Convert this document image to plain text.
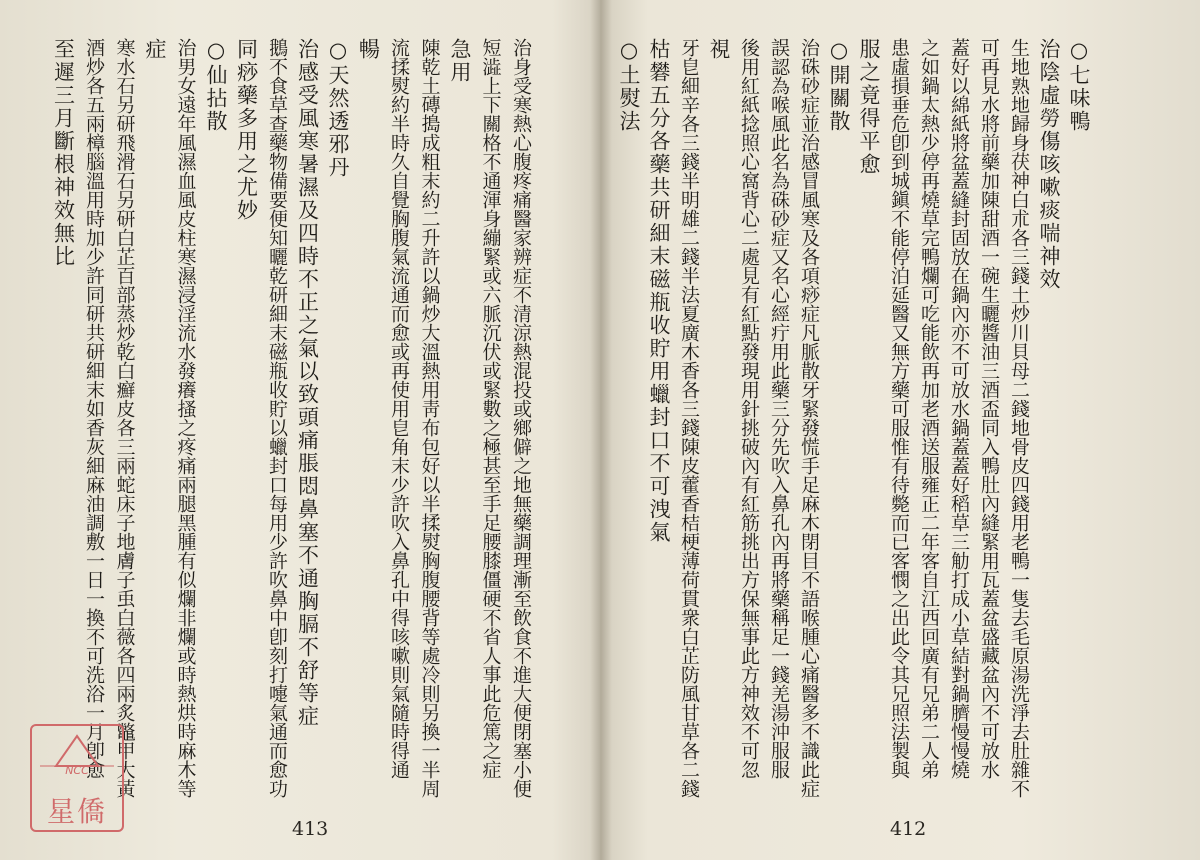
治身受寒熱心腹疼痛醫家辨症不清涼熱混投或鄉僻之地無藥調理漸至飲食不進大便閉塞小便
短澁上下關格不通渾身繃緊或六脈沉伏或緊數之極甚至手足腰膝僵硬不省人事此危篤之症
急用
陳乾土磚搗成粗末約二升許以鍋炒大溫熱用靑布包好以半揉熨胸腹腰背等處冷則另換一半周
流揉熨約半時久自覺胸腹氣流通而愈或再使用皀角末少許吹入鼻孔中得咳嗽則氣隨時得通
暢
○天然透邪丹
治感受風寒暑濕及四時不正之氣以致頭痛脹悶鼻塞不通胸膈不舒等症
鵝不食草查藥物備要便知曬乾研細末磁瓶收貯以蠟封口每用少許吹鼻中卽刻打嚏氣通而愈功
同痧藥多用之尤妙
○仙拈散
治男女遠年風濕血風皮柱寒濕浸淫流水發癢搔之疼痛兩腿黑腫有似爛非爛或時熱烘時麻木等
症
寒水石另研飛滑石另研白芷百部蒸炒乾白癬皮各三兩蛇床子地膚子䖝白薇各四兩炙鼈甲大黃
酒炒各五兩樟腦溫用時加少許同研共研細末如香灰細麻油調敷一日一換不可洗浴一月卽愈
至遲三月斷根神效無比
413
NCC
星僑
○七味鴨
治陰虛勞傷咳嗽痰喘神效
生地熟地歸身茯神白朮各三錢土炒川貝母二錢地骨皮四錢用老鴨一隻去毛原湯洗淨去肚雜不
可再見水將前藥加陳甜酒一碗生曬醬油三酒盃同入鴨肚內縫緊用瓦蓋盆盛藏盆內不可放水
蓋好以綿紙將盆蓋縫封固放在鍋內亦不可放水鍋蓋蓋好稻草三觔打成小草結對鍋臍慢慢燒
之如鍋太熱少停再燒草完鴨爛可吃能飲再加老酒送服雍正二年客自江西回廣有兄弟二人弟
患虛損垂危卽到城鎭不能停泊延醫又無方藥可服惟有待斃而已客憫之出此令其兄照法製與
服之竟得平愈
○開關散
治硃砂症並治感冒風寒及各項痧症凡脈散牙緊發慌手足麻木閉目不語喉腫心痛醫多不識此症
誤認為喉風此名為硃砂症又名心經疔用此藥三分先吹入鼻孔內再將藥稱足一錢羌湯沖服服
後用紅紙捻照心窩背心二處見有紅點發現用針挑破內有紅筋挑出方保無事此方神效不可忽
視
牙皀細辛各三錢半明雄二錢半法夏廣木香各三錢陳皮藿香桔梗薄荷貫衆白芷防風甘草各二錢
枯礬五分各藥共研細末磁瓶收貯用蠟封口不可洩氣
○土熨法
412
